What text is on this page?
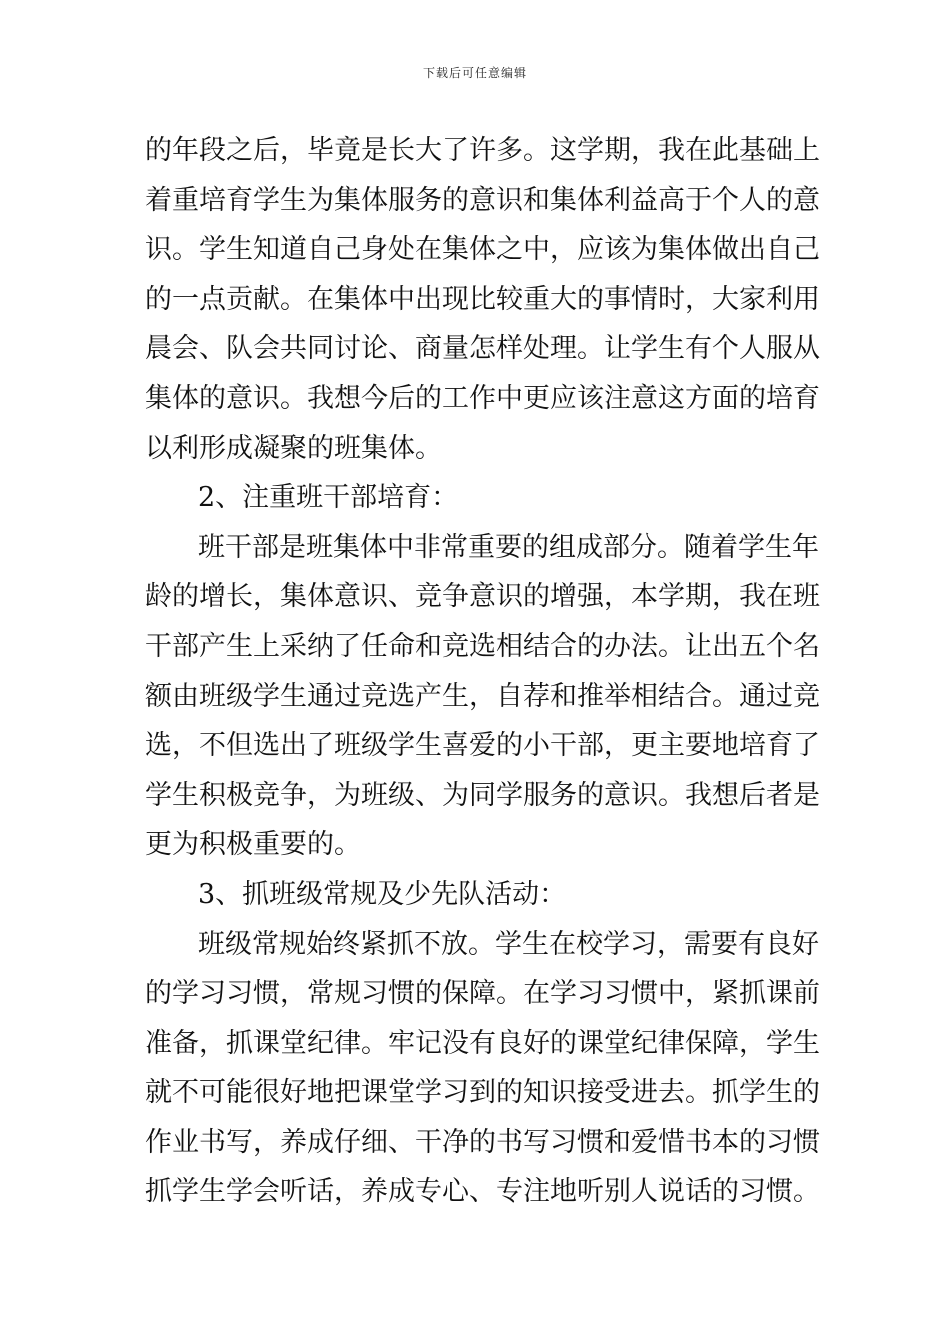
下载后可任意编辑
的年段之后，毕竟是长大了许多。这学期，我在此基础上
着重培育学生为集体服务的意识和集体利益高于个人的意
识。学生知道自己身处在集体之中，应该为集体做出自己
的一点贡献。在集体中出现比较重大的事情时，大家利用
晨会、队会共同讨论、商量怎样处理。让学生有个人服从
集体的意识。我想今后的工作中更应该注意这方面的培育
以利形成凝聚的班集体。
2、注重班干部培育：
班干部是班集体中非常重要的组成部分。随着学生年
龄的增长，集体意识、竞争意识的增强，本学期，我在班
干部产生上采纳了任命和竞选相结合的办法。让出五个名
额由班级学生通过竞选产生，自荐和推举相结合。通过竞
选，不但选出了班级学生喜爱的小干部，更主要地培育了
学生积极竞争，为班级、为同学服务的意识。我想后者是
更为积极重要的。
3、抓班级常规及少先队活动：
班级常规始终紧抓不放。学生在校学习，需要有良好
的学习习惯，常规习惯的保障。在学习习惯中，紧抓课前
准备，抓课堂纪律。牢记没有良好的课堂纪律保障，学生
就不可能很好地把课堂学习到的知识接受进去。抓学生的
作业书写，养成仔细、干净的书写习惯和爱惜书本的习惯
抓学生学会听话，养成专心、专注地听别人说话的习惯。
